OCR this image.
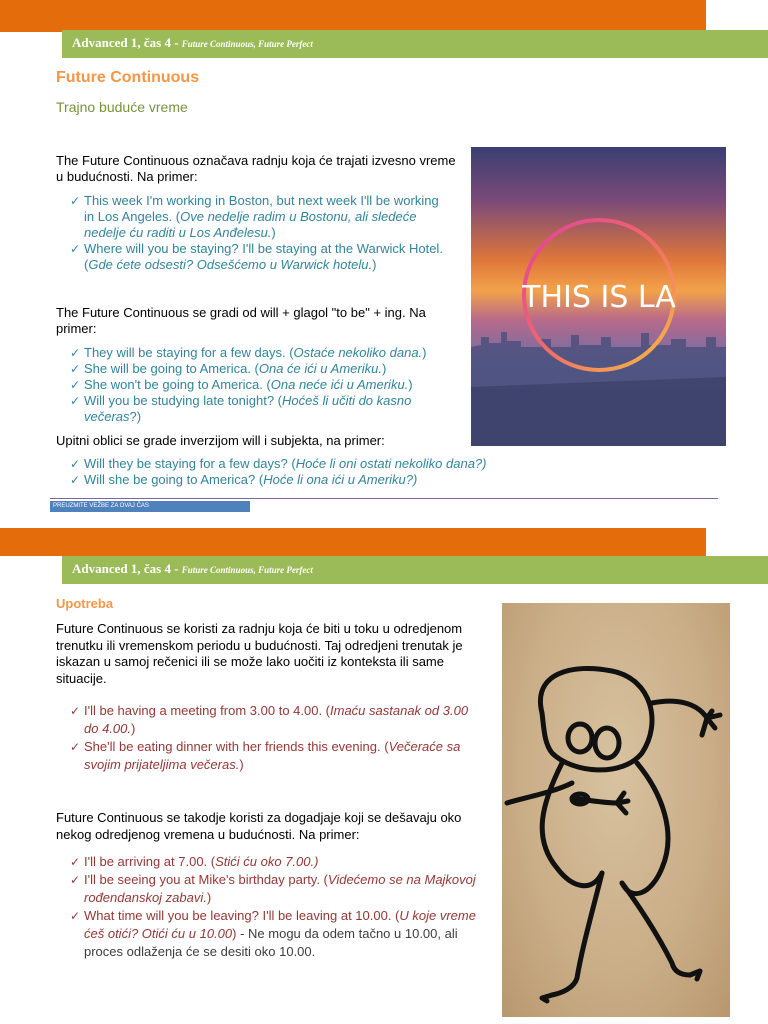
Advanced 1, čas 4 - Future Continuous, Future Perfect
Future Continuous
Trajno buduće vreme
The Future Continuous označava radnju koja će trajati izvesno vreme u budućnosti. Na primer:
✓ This week I'm working in Boston, but next week I'll be working in Los Angeles. (Ove nedelje radim u Bostonu, ali sledeće nedelje ću raditi u Los Anđelesu.)
✓ Where will you be staying? I'll be staying at the Warwick Hotel. (Gde ćete odsesti? Odsešćemo u Warwick hotelu.)
The Future Continuous se gradi od will + glagol "to be" + ing. Na primer:
✓ They will be staying for a few days. (Ostaće nekoliko dana.)
✓ She will be going to America. (Ona će ići u Ameriku.)
✓ She won't be going to America. (Ona neće ići u Ameriku.)
✓ Will you be studying late tonight? (Hoćeš li učiti do kasno večeras?)
Upitni oblici se grade inverzijom will i subjekta, na primer:
✓ Will they be staying for a few days? (Hoće li oni ostati nekoliko dana?)
✓ Will she be going to America? (Hoće li ona ići u Ameriku?)
PREUZMITE VEŽBE ZA OVAJ ČAS
THIS IS LA
Advanced 1, čas 4 - Future Continuous, Future Perfect
Upotreba
Future Continuous se koristi za radnju koja će biti u toku u odredjenom trenutku ili vremenskom periodu u budućnosti. Taj odredjeni trenutak je iskazan u samoj rečenici ili se može lako uočiti iz konteksta ili same situacije.
✓ I'll be having a meeting from 3.00 to 4.00. (Imaću sastanak od 3.00 do 4.00.)
✓ She'll be eating dinner with her friends this evening. (Večeraće sa svojim prijateljima večeras.)
Future Continuous se takodje koristi za dogadjaje koji se dešavaju oko nekog odredjenog vremena u budućnosti. Na primer:
✓ I'll be arriving at 7.00. (Stići ću oko 7.00.)
✓ I'll be seeing you at Mike's birthday party. (Videćemo se na Majkovoj rođendanskoj zabavi.)
✓ What time will you be leaving? I'll be leaving at 10.00. (U koje vreme ćeš otići? Otići ću u 10.00) - Ne mogu da odem tačno u 10.00, ali proces odlaženja će se desiti oko 10.00.
